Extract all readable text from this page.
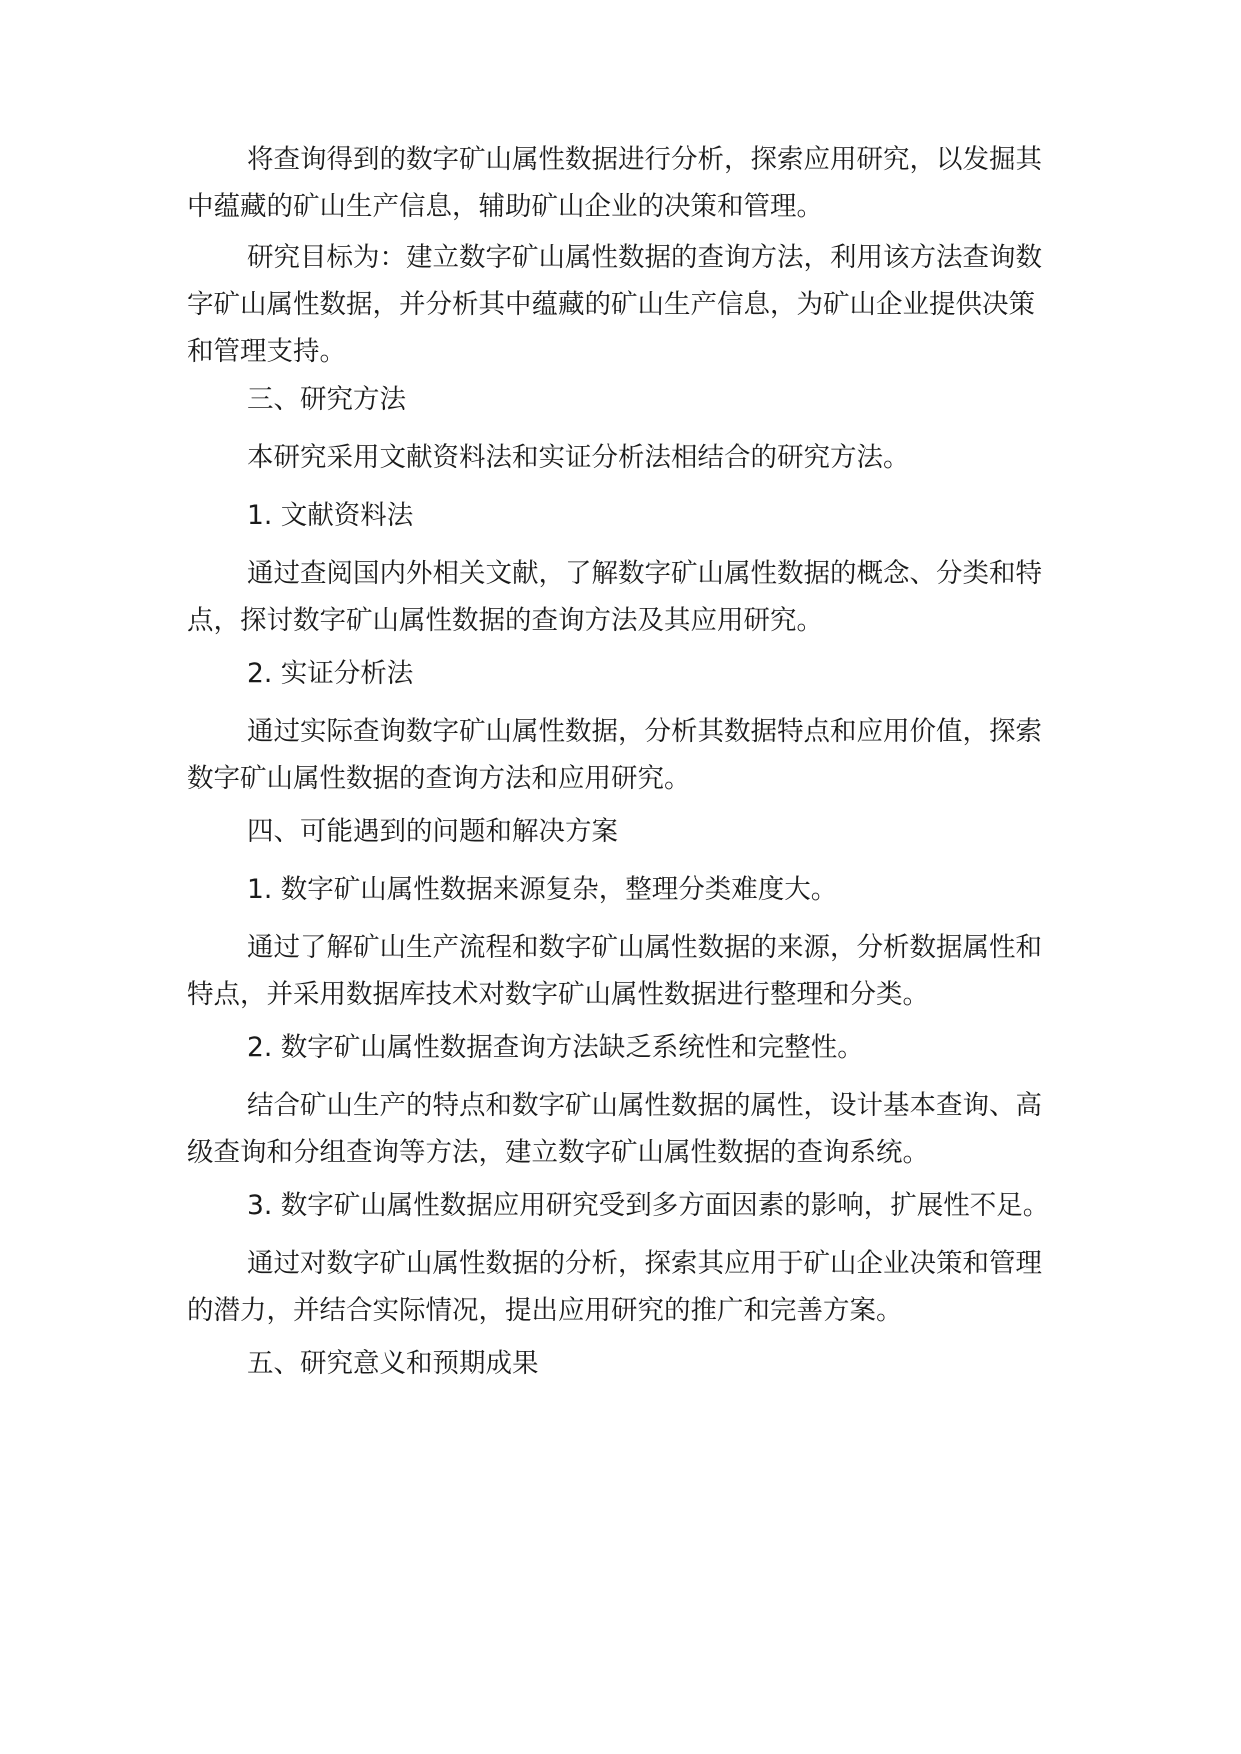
将查询得到的数字矿山属性数据进行分析，探索应用研究，以发掘其中蕴藏的矿山生产信息，辅助矿山企业的决策和管理。

研究目标为：建立数字矿山属性数据的查询方法，利用该方法查询数字矿山属性数据，并分析其中蕴藏的矿山生产信息，为矿山企业提供决策和管理支持。

三、研究方法

本研究采用文献资料法和实证分析法相结合的研究方法。

1. 文献资料法

通过查阅国内外相关文献，了解数字矿山属性数据的概念、分类和特点，探讨数字矿山属性数据的查询方法及其应用研究。

2. 实证分析法

通过实际查询数字矿山属性数据，分析其数据特点和应用价值，探索数字矿山属性数据的查询方法和应用研究。

四、可能遇到的问题和解决方案

1. 数字矿山属性数据来源复杂，整理分类难度大。

通过了解矿山生产流程和数字矿山属性数据的来源，分析数据属性和特点，并采用数据库技术对数字矿山属性数据进行整理和分类。

2. 数字矿山属性数据查询方法缺乏系统性和完整性。

结合矿山生产的特点和数字矿山属性数据的属性，设计基本查询、高级查询和分组查询等方法，建立数字矿山属性数据的查询系统。

3. 数字矿山属性数据应用研究受到多方面因素的影响，扩展性不足。

通过对数字矿山属性数据的分析，探索其应用于矿山企业决策和管理的潜力，并结合实际情况，提出应用研究的推广和完善方案。

五、研究意义和预期成果
